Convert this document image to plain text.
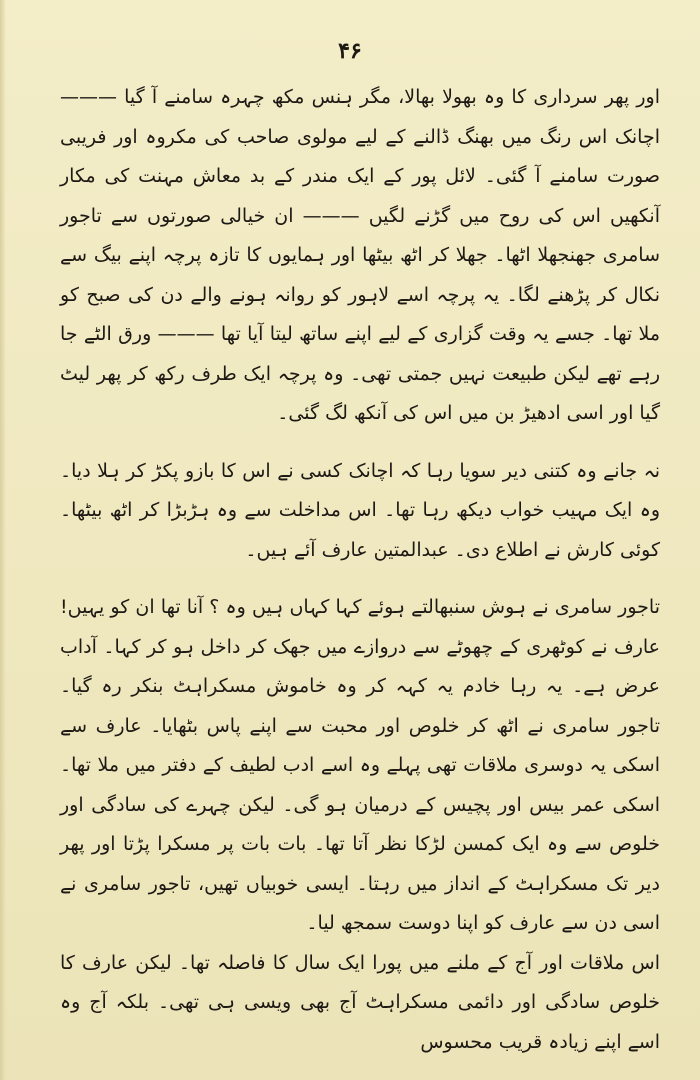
۴۶

اور پھر سرداری کا وہ بھولا بھالا، مگر ہنس مکھ چہرہ سامنے آ گیا ——— اچانک اس رنگ میں بھنگ ڈالنے کے لیے مولوی صاحب کی مکروہ اور فریبی صورت سامنے آ گئی۔ لائل پور کے ایک مندر کے بد معاش مہنت کی مکار آنکھیں اس کی روح میں گڑنے لگیں ——— ان خیالی صورتوں سے تاجور سامری جھنجھلا اٹھا۔ جھلا کر اٹھ بیٹھا اور ہمایوں کا تازہ پرچہ اپنے بیگ سے نکال کر پڑھنے لگا۔ یہ پرچہ اسے لاہور کو روانہ ہونے والے دن کی صبح کو ملا تھا۔ جسے یہ وقت گزاری کے لیے اپنے ساتھ لیتا آیا تھا ——— ورق الٹے جا رہے تھے لیکن طبیعت نہیں جمتی تھی۔ وہ پرچہ ایک طرف رکھ کر پھر لیٹ گیا اور اسی ادھیڑ بن میں اس کی آنکھ لگ گئی۔

نہ جانے وہ کتنی دیر سویا رہا کہ اچانک کسی نے اس کا بازو پکڑ کر ہلا دیا۔ وہ ایک مہیب خواب دیکھ رہا تھا۔ اس مداخلت سے وہ ہڑبڑا کر اٹھ بیٹھا۔ کوئی کارش نے اطلاع دی۔ عبدالمتین عارف آئے ہیں۔

تاجور سامری نے ہوش سنبھالتے ہوئے کہا کہاں ہیں وہ ؟ آنا تھا ان کو یہیں! عارف نے کوٹھری کے چھوٹے سے دروازے میں جھک کر داخل ہو کر کہا۔ آداب عرض ہے۔ یہ رہا خادم یہ کہہ کر وہ خاموش مسکراہٹ بنکر رہ گیا۔ تاجور سامری نے اٹھ کر خلوص اور محبت سے اپنے پاس بٹھایا۔ عارف سے اسکی یہ دوسری ملاقات تھی پہلے وہ اسے ادب لطیف کے دفتر میں ملا تھا۔ اسکی عمر بیس اور پچیس کے درمیان ہو گی۔ لیکن چہرے کی سادگی اور خلوص سے وہ ایک کمسن لڑکا نظر آتا تھا۔ بات بات پر مسکرا پڑتا اور پھر دیر تک مسکراہٹ کے انداز میں رہتا۔ ایسی خوبیاں تھیں، تاجور سامری نے اسی دن سے عارف کو اپنا دوست سمجھ لیا۔

اس ملاقات اور آج کے ملنے میں پورا ایک سال کا فاصلہ تھا۔ لیکن عارف کا خلوص سادگی اور دائمی مسکراہٹ آج بھی ویسی ہی تھی۔ بلکہ آج وہ اسے اپنے زیادہ قریب محسوس
